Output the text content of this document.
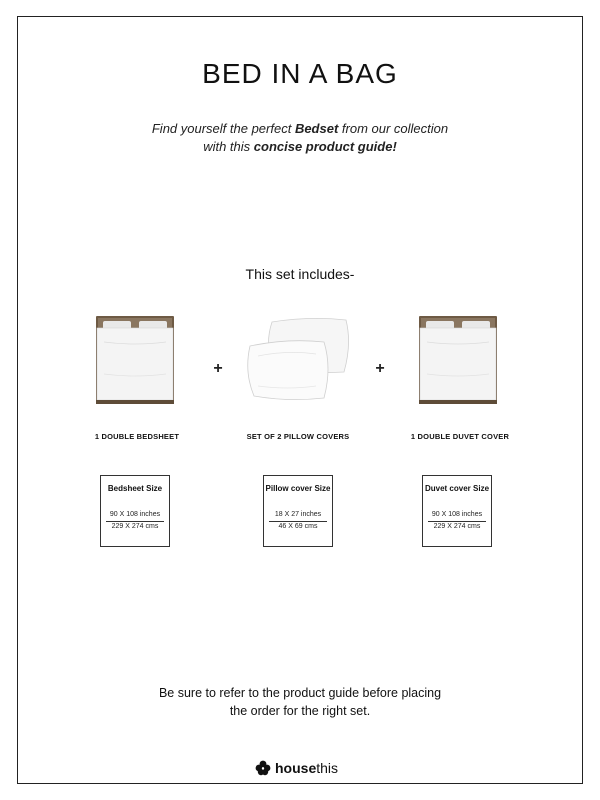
BED IN A BAG
Find yourself the perfect Bedset from our collection
with this concise product guide!
This set includes-
+	+
1 DOUBLE BEDSHEET	SET OF 2 PILLOW COVERS	1 DOUBLE DUVET COVER
Bedsheet Size
90 X 108 inches
229 X 274 cms
Pillow cover Size
18 X 27 inches
46 X 69 cms
Duvet cover Size
90 X 108 inches
229 X 274 cms
Be sure to refer to the product guide before placing
the order for the right set.
housethis
